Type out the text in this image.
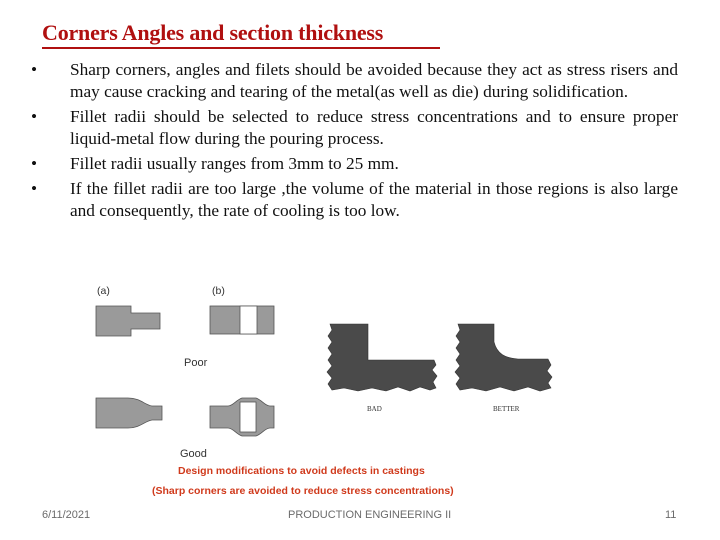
Corners Angles and section thickness
• Sharp corners, angles and filets should be avoided because they act as stress risers and may cause cracking and tearing of the metal(as well as die) during solidification.
• Fillet radii should be selected to reduce stress concentrations and to ensure proper liquid-metal flow during the pouring process.
• Fillet radii usually ranges from 3mm to 25 mm.
• If the fillet radii are too large ,the volume of the material in those regions is also large and consequently, the rate of cooling is too low.
(a)	(b)
Poor
Good
BAD	BETTER
Design modifications to avoid defects in castings
(Sharp corners are avoided to reduce stress concentrations)
6/11/2021	PRODUCTION ENGINEERING II	11
